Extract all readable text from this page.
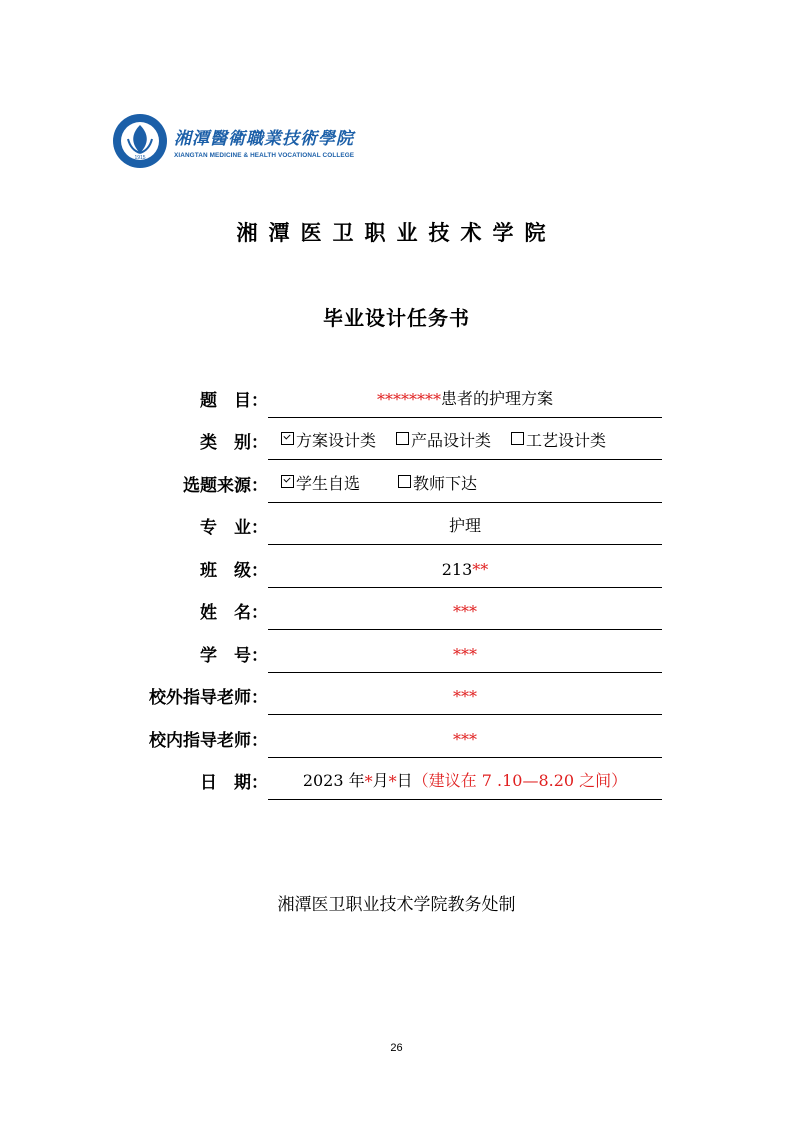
1915
湘潭醫衛職業技術學院
XIANGTAN MEDICINE & HEALTH VOCATIONAL COLLEGE
湘潭医卫职业技术学院
毕业设计任务书
题　目：	******** 患者的护理方案
类　别： 方案设计类 产品设计类 工艺设计类
选题来源： 学生自选	教师下达
专　业：	护理
班　级：	213 **
姓　名：	***
学　号：	***
校外指导老师：	***
校内指导老师：	***
日　期： 2023 年 * 月 * 日 （建议在 7 .10—8.20 之间）
湘潭医卫职业技术学院教务处制
26
